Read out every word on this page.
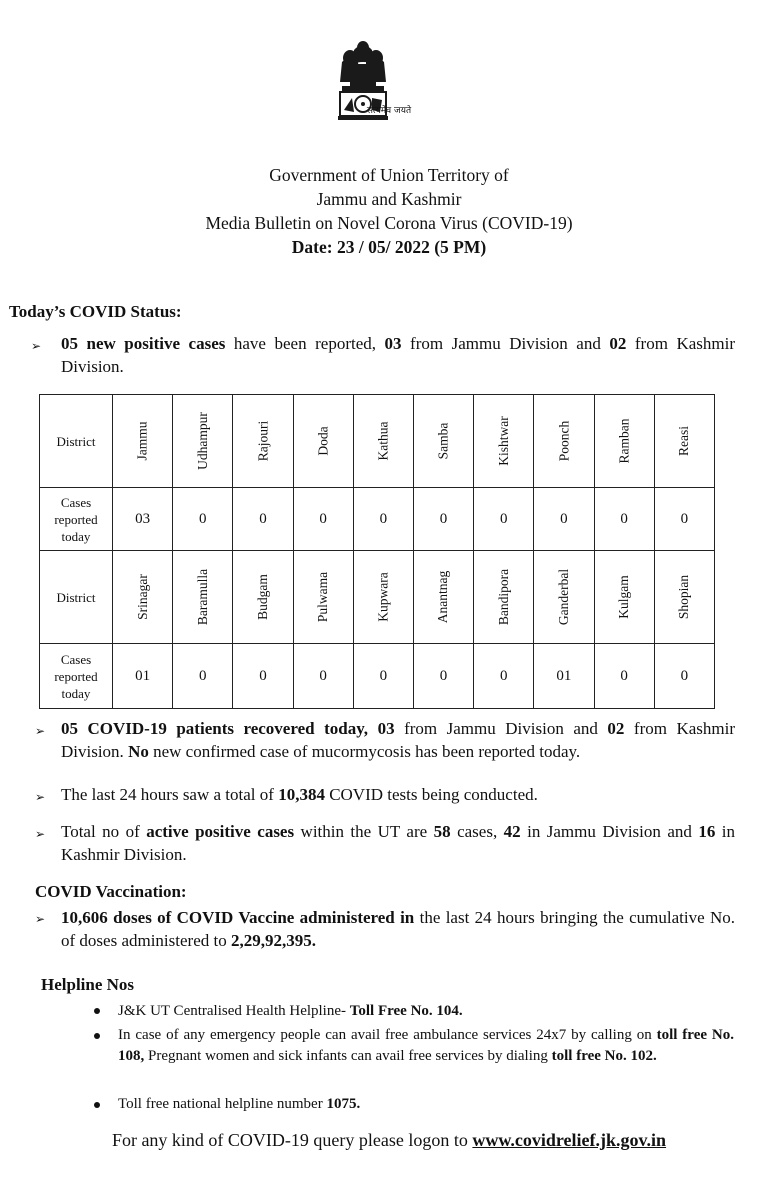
सत्यमेव जयते
Government of Union Territory of
Jammu and Kashmir
Media Bulletin on Novel Corona Virus (COVID-19)
Date: 23 / 05/ 2022 (5 PM)
Today’s COVID Status:
➢ 05 new positive cases have been reported, 03 from Jammu Division and 02 from Kashmir Division.
District	Jammu	Udhampur	Rajouri	Doda	Kathua	Samba	Kishtwar	Poonch	Ramban	Reasi
Cases reported today	03	0	0	0	0	0	0	0	0	0
District	Srinagar	Baramulla	Budgam	Pulwama	Kupwara	Anantnag	Bandipora	Ganderbal	Kulgam	Shopian
Cases reported today	01	0	0	0	0	0	0	01	0	0
➢ 05 COVID-19 patients recovered today, 03 from Jammu Division and 02 from Kashmir Division. No new confirmed case of mucormycosis has been reported today.
➢ The last 24 hours saw a total of 10,384 COVID tests being conducted.
➢ Total no of active positive cases within the UT are 58 cases, 42 in Jammu Division and 16 in Kashmir Division.
COVID Vaccination:
➢ 10,606 doses of COVID Vaccine administered in the last 24 hours bringing the cumulative No. of doses administered to 2,29,92,395.
Helpline Nos
J&K UT Centralised Health Helpline- Toll Free No. 104.
In case of any emergency people can avail free ambulance services 24x7 by calling on toll free No. 108, Pregnant women and sick infants can avail free services by dialing toll free No. 102.
Toll free national helpline number 1075.
For any kind of COVID-19 query please logon to www.covidrelief.jk.gov.in
